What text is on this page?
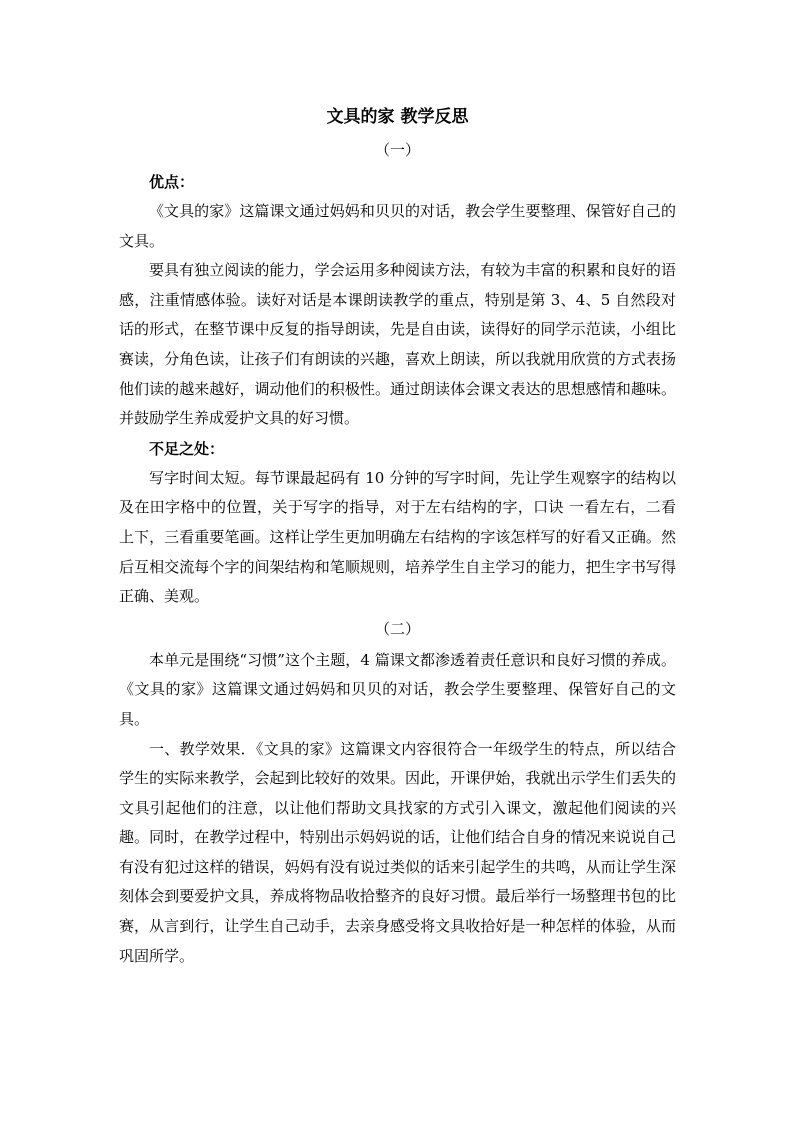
文具的家 教学反思

（一）

优点：

《文具的家》这篇课文通过妈妈和贝贝的对话，教会学生要整理、保管好自己的文具。

要具有独立阅读的能力，学会运用多种阅读方法，有较为丰富的积累和良好的语感，注重情感体验。读好对话是本课朗读教学的重点，特别是第 3、4、5 自然段对话的形式，在整节课中反复的指导朗读，先是自由读，读得好的同学示范读，小组比赛读，分角色读，让孩子们有朗读的兴趣，喜欢上朗读，所以我就用欣赏的方式表扬他们读的越来越好，调动他们的积极性。通过朗读体会课文表达的思想感情和趣味。并鼓励学生养成爱护文具的好习惯。

不足之处：

写字时间太短。每节课最起码有 10 分钟的写字时间，先让学生观察字的结构以及在田字格中的位置，关于写字的指导，对于左右结构的字，口诀 一看左右，二看上下，三看重要笔画。这样让学生更加明确左右结构的字该怎样写的好看又正确。然后互相交流每个字的间架结构和笔顺规则，培养学生自主学习的能力，把生字书写得正确、美观。

（二）

本单元是围绕“习惯”这个主题，4 篇课文都渗透着责任意识和良好习惯的养成。《文具的家》这篇课文通过妈妈和贝贝的对话，教会学生要整理、保管好自己的文具。

一、教学效果．《文具的家》这篇课文内容很符合一年级学生的特点，所以结合学生的实际来教学，会起到比较好的效果。因此，开课伊始，我就出示学生们丢失的文具引起他们的注意，以让他们帮助文具找家的方式引入课文，激起他们阅读的兴趣。同时，在教学过程中，特别出示妈妈说的话，让他们结合自身的情况来说说自己有没有犯过这样的错误，妈妈有没有说过类似的话来引起学生的共鸣，从而让学生深刻体会到要爱护文具，养成将物品收拾整齐的良好习惯。最后举行一场整理书包的比赛，从言到行，让学生自己动手，去亲身感受将文具收拾好是一种怎样的体验，从而巩固所学。
